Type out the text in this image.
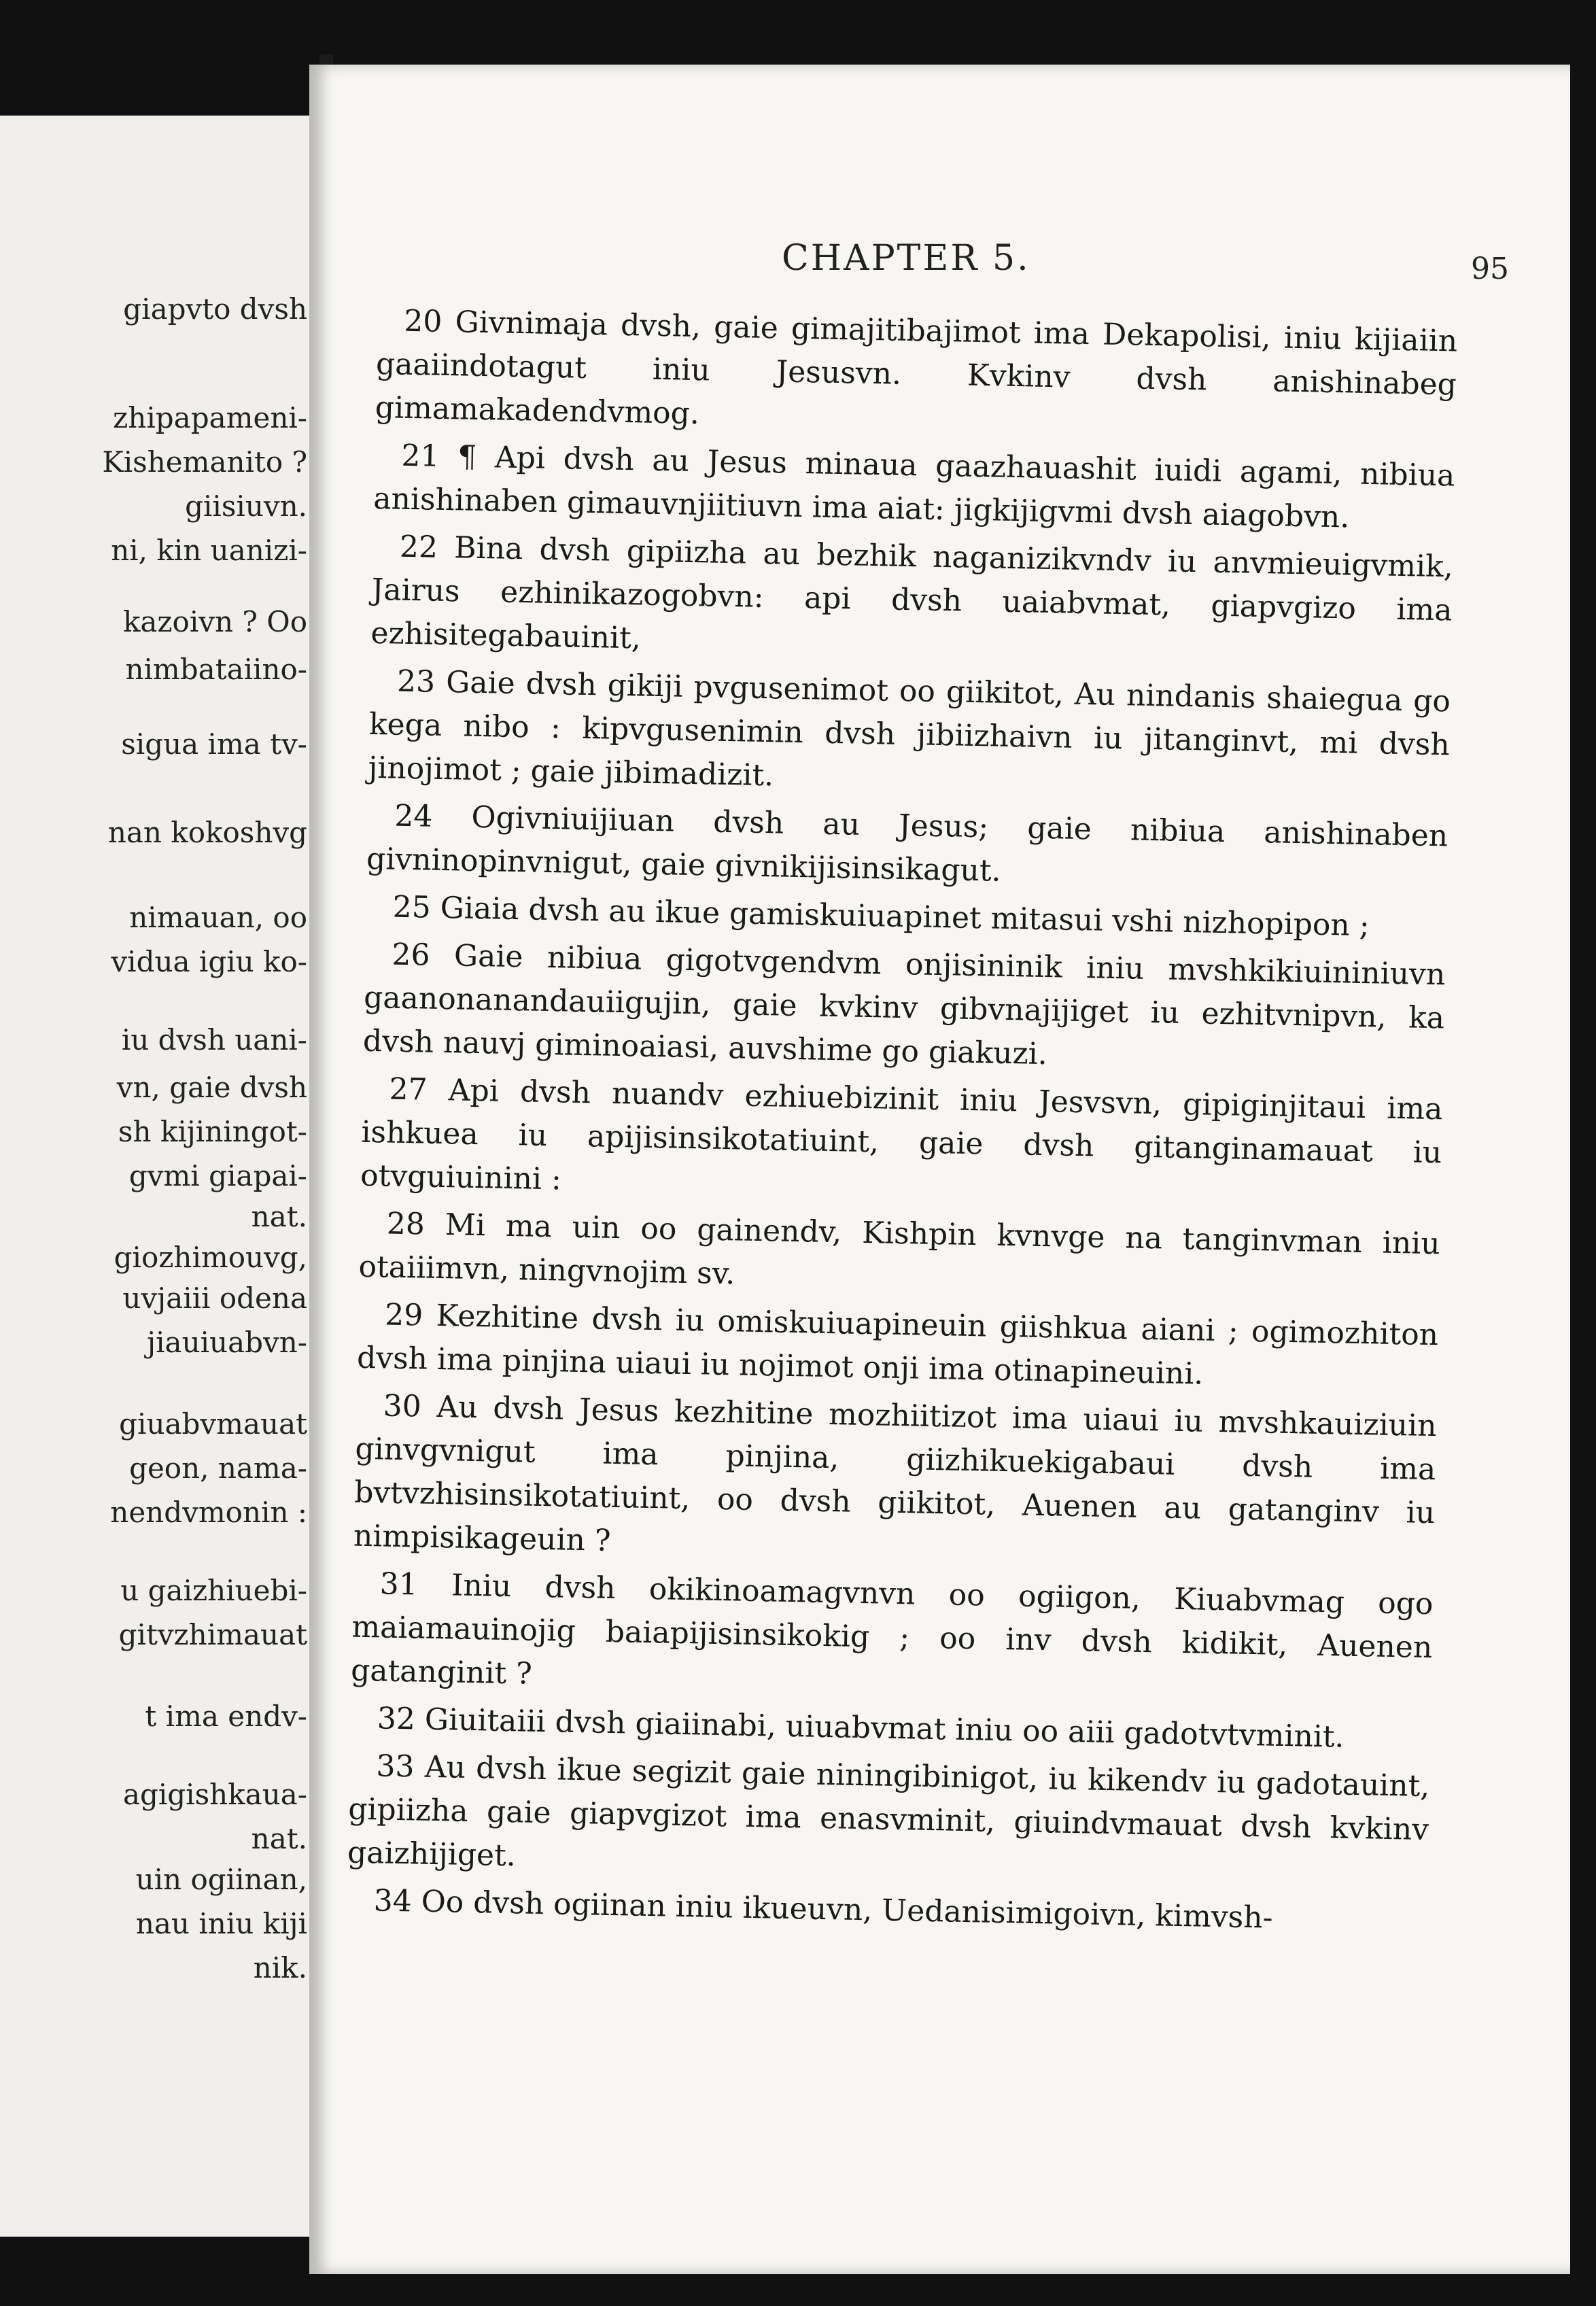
giapvto dvsh
zhipapameni-
Kishemanito ?
giisiuvn.
ni, kin uanizi-
kazoivn ? Oo
nimbataiino-
sigua ima tv-
nan kokoshvg
nimauan, oo
vidua igiu ko-
iu dvsh uani-
vn, gaie dvsh
sh kijiningot-
gvmi giapai-
nat.
giozhimouvg,
uvjaiii odena
jiauiuabvn-
giuabvmauat
geon, nama-
nendvmonin :
u gaizhiuebi-
gitvzhimauat
t ima endv-
agigishkaua-
nat.
uin ogiinan,
nau iniu kiji
nik.
CHAPTER 5.	95

20 Givnimaja dvsh, gaie gimajitibajimot ima Dekapolisi, iniu kijiaiin gaaiindotagut iniu Jesusvn. Kvkinv dvsh anishinabeg gimamakadendvmog.

21 ¶ Api dvsh au Jesus minaua gaazhauashit iuidi agami, nibiua anishinaben gimauvnjiitiuvn ima aiat: jigkijigvmi dvsh aiagobvn.

22 Bina dvsh gipiizha au bezhik naganizikvndv iu anvmieuigvmik, Jairus ezhinikazogobvn: api dvsh uaiabvmat, giapvgizo ima ezhisitegabauinit,

23 Gaie dvsh gikiji pvgusenimot oo giikitot, Au nindanis shaiegua go kega nibo : kipvgusenimin dvsh jibiizhaivn iu jitanginvt, mi dvsh jinojimot ; gaie jibimadizit.

24 Ogivniuijiuan dvsh au Jesus; gaie nibiua anishinaben givninopinvnigut, gaie givnikijisinsikagut.

25 Giaia dvsh au ikue gamiskuiuapinet mitasui vshi nizhopipon ;

26 Gaie nibiua gigotvgendvm onjisininik iniu mvshkikiuininiuvn gaanonanandauiigujin, gaie kvkinv gibvnajijiget iu ezhitvnipvn, ka dvsh nauvj giminoaiasi, auvshime go giakuzi.

27 Api dvsh nuandv ezhiuebizinit iniu Jesvsvn, gipiginjitaui ima ishkuea iu apijisinsikotatiuint, gaie dvsh gitanginamauat iu otvguiuinini :

28 Mi ma uin oo gainendv, Kishpin kvnvge na tanginvman iniu otaiiimvn, ningvnojim sv.

29 Kezhitine dvsh iu omiskuiuapineuin giishkua aiani ; ogimozhiton dvsh ima pinjina uiaui iu nojimot onji ima otinapineuini.

30 Au dvsh Jesus kezhitine mozhiitizot ima uiaui iu mvshkauiziuin ginvgvnigut ima pinjina, giizhikuekigabaui dvsh ima bvtvzhisinsikotatiuint, oo dvsh giikitot, Auenen au gatanginv iu nimpisikageuin ?

31 Iniu dvsh okikinoamagvnvn oo ogiigon, Kiuabvmag ogo maiamauinojig baiapijisinsikokig ; oo inv dvsh kidikit, Auenen gatanginit ?

32 Giuitaiii dvsh giaiinabi, uiuabvmat iniu oo aiii gadotvtvminit.

33 Au dvsh ikue segizit gaie niningibinigot, iu kikendv iu gadotauint, gipiizha gaie giapvgizot ima enasvminit, giuindvmauat dvsh kvkinv gaizhijiget.

34 Oo dvsh ogiinan iniu ikueuvn, Uedanisimigoivn, kimvsh-
